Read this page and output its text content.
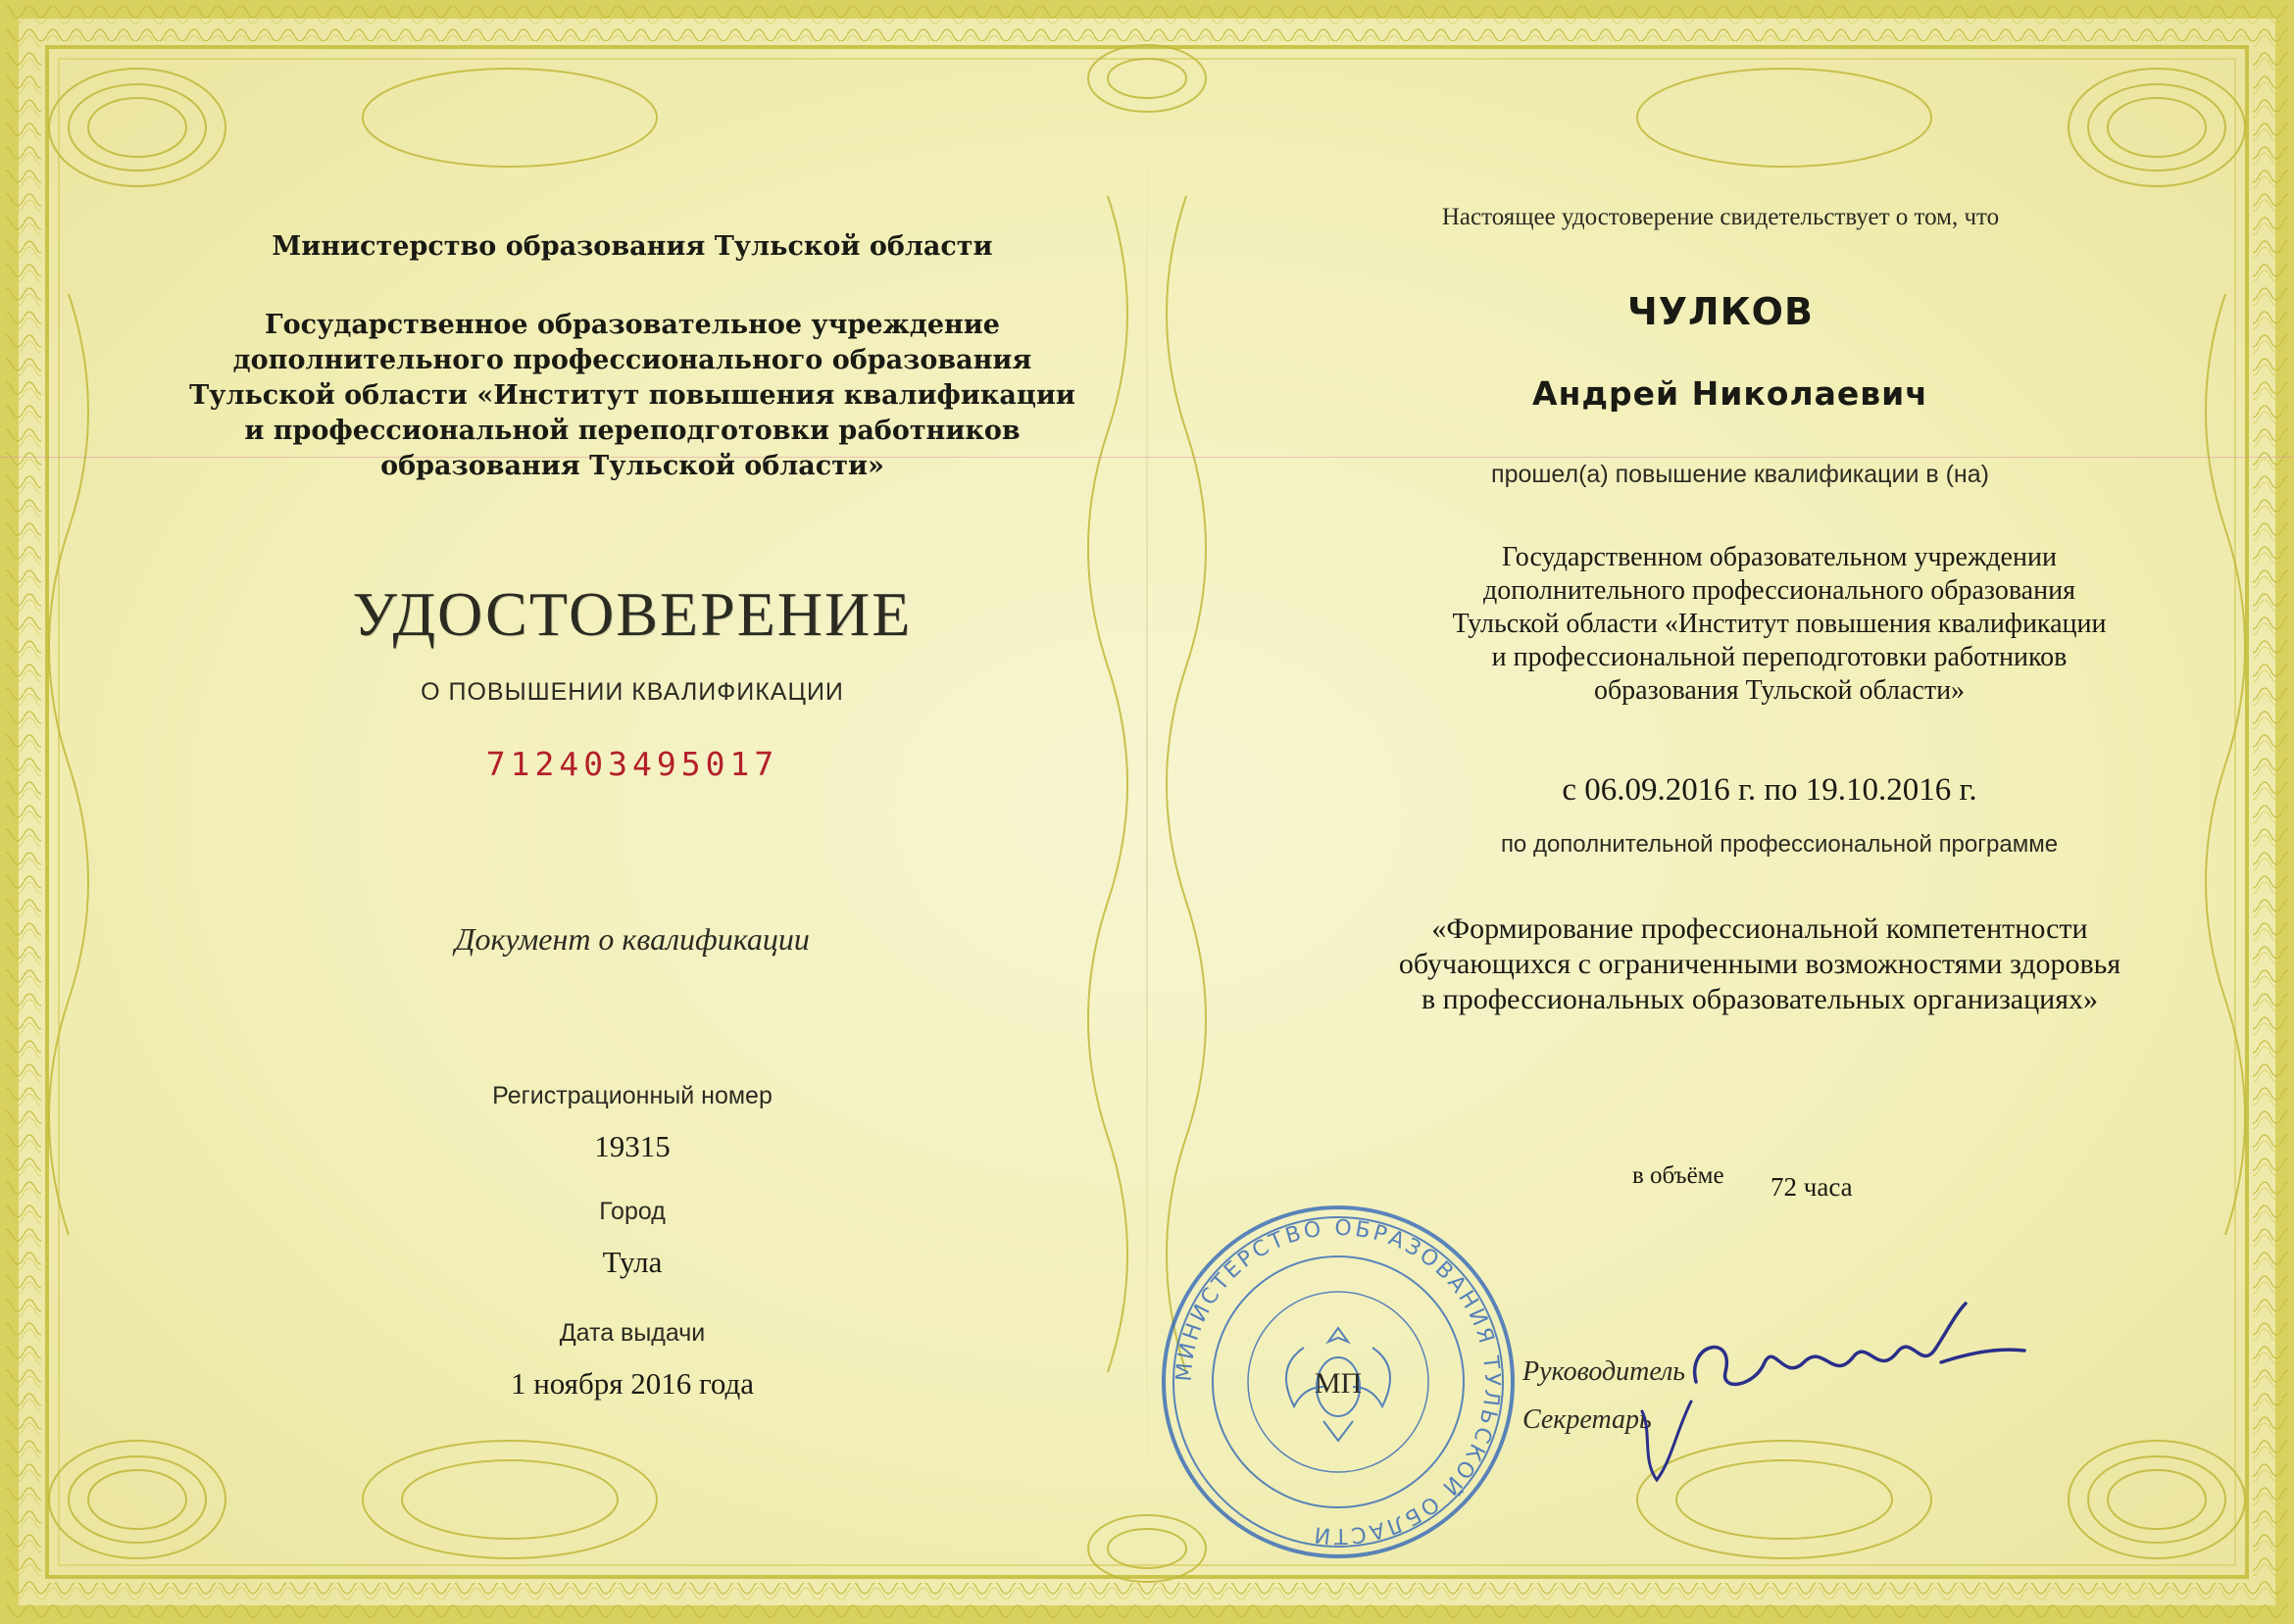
Министерство образования Тульской области
Государственное образовательное учреждение
дополнительного профессионального образования
Тульской области «Институт повышения квалификации
и профессиональной переподготовки работников
образования Тульской области»
УДОСТОВЕРЕНИЕ
О ПОВЫШЕНИИ КВАЛИФИКАЦИИ
712403495017
Документ о квалификации
Регистрационный номер
19315
Город
Тула
Дата выдачи
1 ноября 2016 года
Настоящее удостоверение свидетельствует о том, что
ЧУЛКОВ
Андрей Николаевич
прошел(а) повышение квалификации в (на)
Государственном образовательном учреждении
дополнительного профессионального образования
Тульской области «Институт повышения квалификации
и профессиональной переподготовки работников
образования Тульской области»
с 06.09.2016 г. по 19.10.2016 г.
по дополнительной профессиональной программе
«Формирование профессиональной компетентности
обучающихся с ограниченными возможностями здоровья
в профессиональных образовательных организациях»
в объёме 72 часа
Руководитель
Секретарь
МИНИСТЕРСТВО ОБРАЗОВАНИЯ ТУЛЬСКОЙ ОБЛАСТИ
МП
